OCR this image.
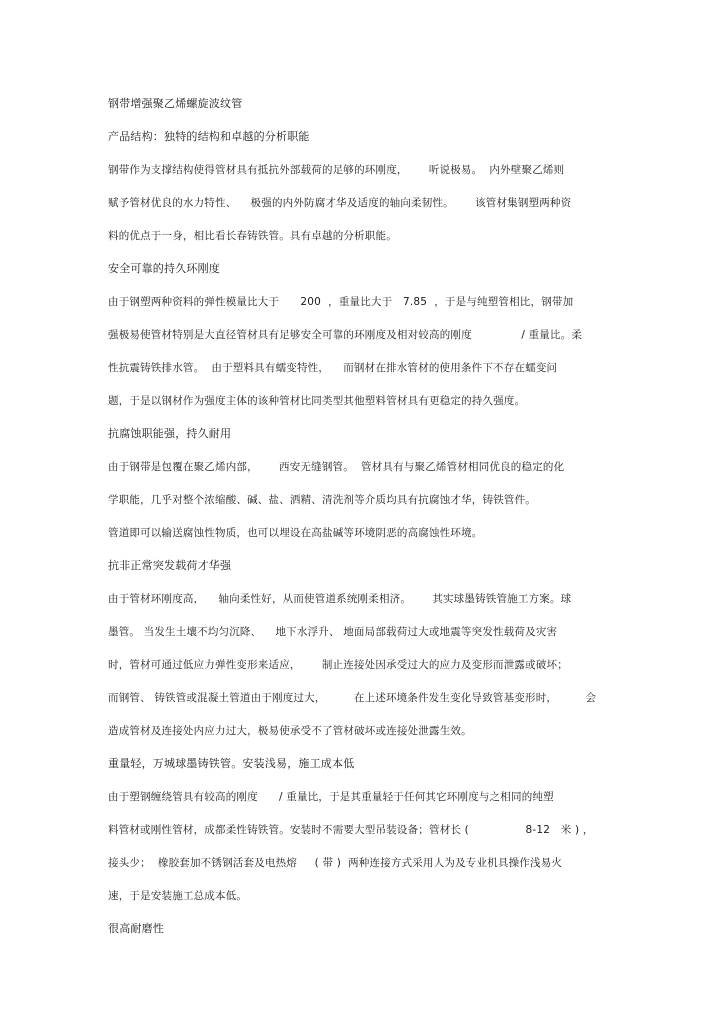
钢带增强聚乙烯螺旋波纹管
产品结构：独特的结构和卓越的分析职能
钢带作为支撑结构使得管材具有抵抗外部载荷的足够的环刚度，      听说极易。  内外壁聚乙烯则
赋予管材优良的水力特性、    极强的内外防腐才华及适度的轴向柔韧性。      该管材集钢塑两种资
料的优点于一身，相比看长春铸铁管。具有卓越的分析职能。
安全可靠的持久环刚度
由于钢塑两种资料的弹性模量比大于      200  ，重量比大于   7.85  ，于是与纯塑管相比，钢带加
强极易使管材特别是大直径管材具有足够安全可靠的环刚度及相对较高的刚度              / 重量比。柔
性抗震铸铁排水管。  由于塑料具有蠕变特性，    而钢材在排水管材的使用条件下不存在蠕变问
题，于是以钢材作为强度主体的该种管材比同类型其他塑料管材具有更稳定的持久强度。
抗腐蚀职能强，持久耐用
由于钢带是包覆在聚乙烯内部，      西安无缝钢管。  管材具有与聚乙烯管材相同优良的稳定的化
学职能，几乎对整个浓缩酸、碱、盐、洒精、清洗剂等介质均具有抗腐蚀才华，铸铁管件。
管道即可以输送腐蚀性物质，也可以埋设在高盐碱等环境阴恶的高腐蚀性环境。
抗非正常突发载荷才华强
由于管材环刚度高，    轴向柔性好，从而使管道系统刚柔相济。      其实球墨铸铁管施工方案。球
墨管。 当发生土壤不均匀沉降、    地下水浮升、 地面局部载荷过大或地震等突发性载荷及灾害
时，管材可通过低应力弹性变形来适应，      制止连接处因承受过大的应力及变形而泄露或破坏；
而钢管、 铸铁管或混凝土管道由于刚度过大，        在上述环境条件发生变化导致管基变形时，        会
造成管材及连接处内应力过大，极易使承受不了管材破坏或连接处泄露生效。
重量轻，万城球墨铸铁管。安装浅易，施工成本低
由于塑钢缠绕管具有较高的刚度      / 重量比，于是其重量轻于任何其它环刚度与之相同的纯塑
料管材或刚性管材，成都柔性铸铁管。安装时不需要大型吊装设备；管材长 (                8-12   米 ) ，
接头少；  橡胶套加不锈钢活套及电热熔     ( 带 )  两种连接方式采用人为及专业机具操作浅易火
速，于是安装施工总成本低。
很高耐磨性
